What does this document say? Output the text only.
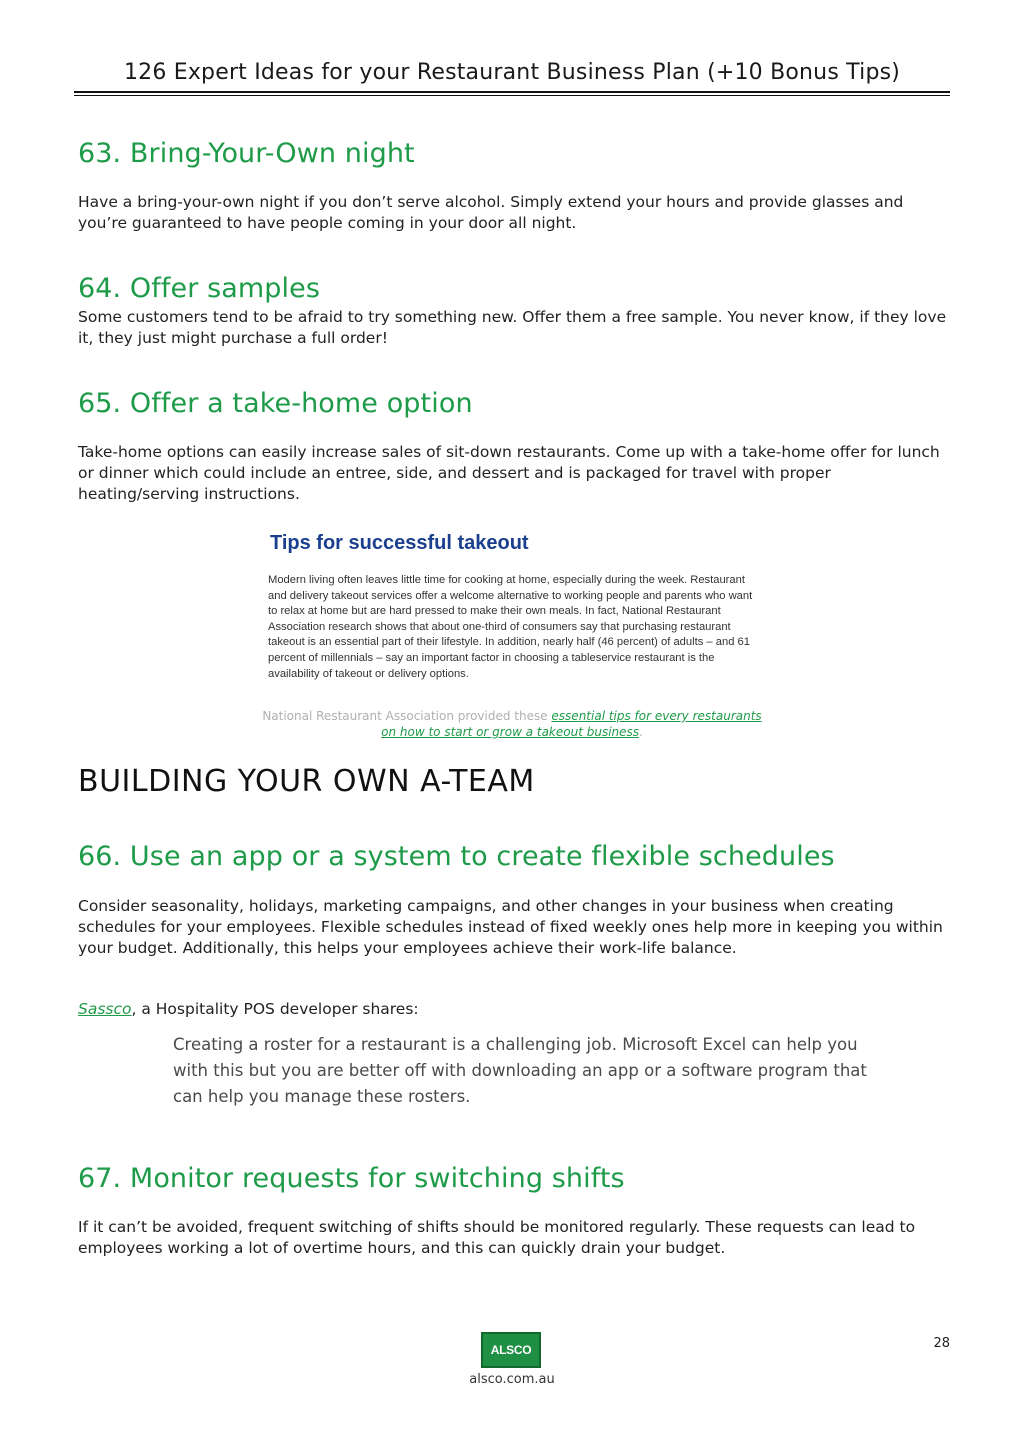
126 Expert Ideas for your Restaurant Business Plan (+10 Bonus Tips)
63. Bring-Your-Own night

Have a bring-your-own night if you don’t serve alcohol. Simply extend your hours and provide glasses and you’re guaranteed to have people coming in your door all night.

64. Offer samples

Some customers tend to be afraid to try something new. Offer them a free sample. You never know, if they love it, they just might purchase a full order!

65. Offer a take-home option

Take-home options can easily increase sales of sit-down restaurants. Come up with a take-home offer for lunch or dinner which could include an entree, side, and dessert and is packaged for travel with proper heating/serving instructions.

Tips for successful takeout

Modern living often leaves little time for cooking at home, especially during the week. Restaurant and delivery takeout services offer a welcome alternative to working people and parents who want to relax at home but are hard pressed to make their own meals. In fact, National Restaurant Association research shows that about one-third of consumers say that purchasing restaurant takeout is an essential part of their lifestyle. In addition, nearly half (46 percent) of adults – and 61 percent of millennials – say an important factor in choosing a tableservice restaurant is the availability of takeout or delivery options.

National Restaurant Association provided these essential tips for every restaurants on how to start or grow a takeout business.
BUILDING YOUR OWN A-TEAM
66. Use an app or a system to create flexible schedules

Consider seasonality, holidays, marketing campaigns, and other changes in your business when creating schedules for your employees. Flexible schedules instead of fixed weekly ones help more in keeping you within your budget. Additionally, this helps your employees achieve their work-life balance.

Sassco, a Hospitality POS developer shares:

Creating a roster for a restaurant is a challenging job. Microsoft Excel can help you with this but you are better off with downloading an app or a software program that can help you manage these rosters.
67. Monitor requests for switching shifts

If it can’t be avoided, frequent switching of shifts should be monitored regularly. These requests can lead to employees working a lot of overtime hours, and this can quickly drain your budget.

ALSCO
alsco.com.au
28
